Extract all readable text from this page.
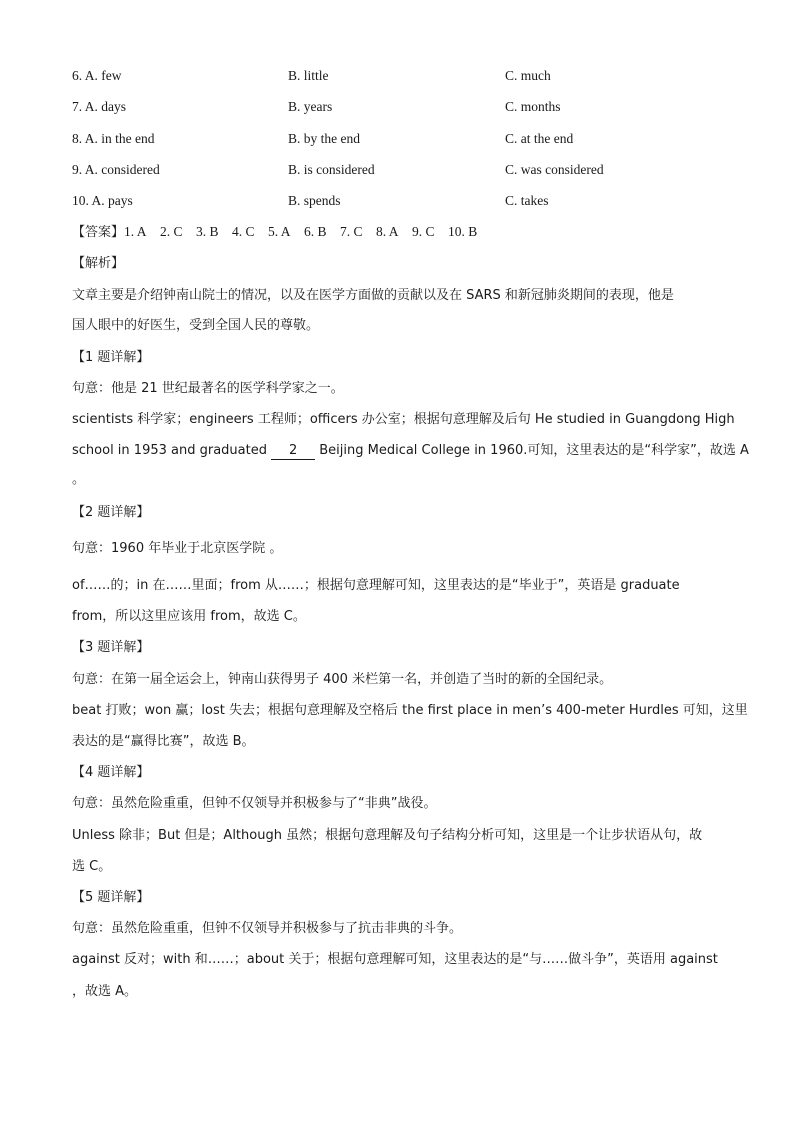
6. A. few	B. little	C. much
7. A. days	B. years	C. months
8. A. in the end	B. by the end	C. at the end
9. A. considered	B. is considered	C. was considered
10. A. pays	B. spends	C. takes
【答案】1. A 2. C 3. B 4. C 5. A 6. B 7. C 8. A 9. C 10. B
【解析】
文章主要是介绍钟南山院士的情况，以及在医学方面做的贡献以及在 SARS 和新冠肺炎期间的表现，他是
国人眼中的好医生，受到全国人民的尊敬。
【1 题详解】
句意：他是 21 世纪最著名的医学科学家之一。
scientists 科学家；engineers 工程师；officers 办公室；根据句意理解及后句 He studied in Guangdong High
school in 1953 and graduated 2 Beijing Medical College in 1960.可知，这里表达的是“科学家”，故选 A
。
【2 题详解】
句意：1960 年毕业于北京医学院 。
of……的；in 在……里面；from 从……；根据句意理解可知，这里表达的是“毕业于”，英语是 graduate
from，所以这里应该用 from，故选 C。
【3 题详解】
句意：在第一届全运会上，钟南山获得男子 400 米栏第一名，并创造了当时的新的全国纪录。
beat 打败；won 赢；lost 失去；根据句意理解及空格后 the first place in men’s 400-meter Hurdles 可知，这里
表达的是“赢得比赛”，故选 B。
【4 题详解】
句意：虽然危险重重，但钟不仅领导并积极参与了“非典”战役。
Unless 除非；But 但是；Although 虽然；根据句意理解及句子结构分析可知，这里是一个让步状语从句，故
选 C。
【5 题详解】
句意：虽然危险重重，但钟不仅领导并积极参与了抗击非典的斗争。
against 反对；with 和……；about 关于；根据句意理解可知，这里表达的是“与……做斗争”，英语用 against
，故选 A。
